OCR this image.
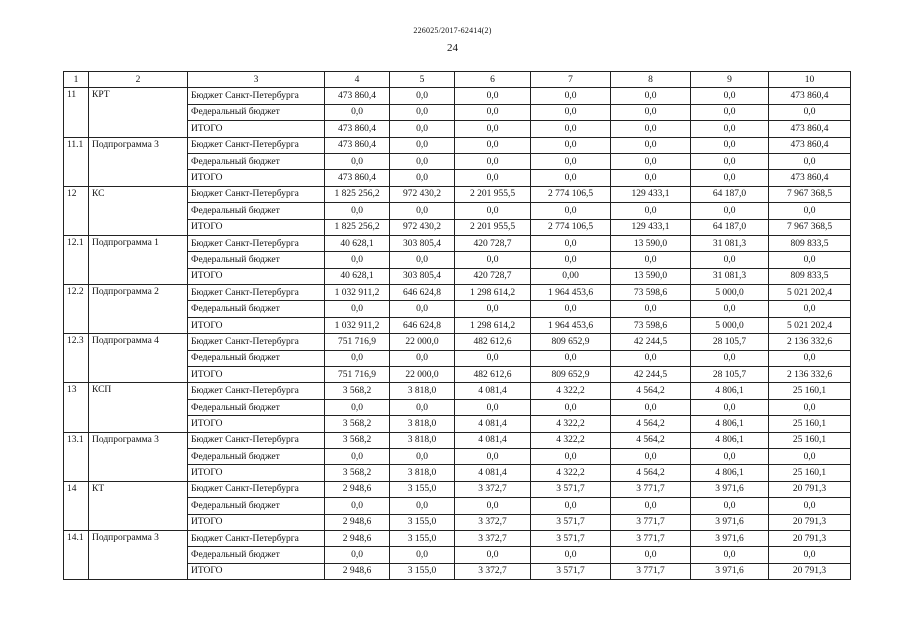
226025/2017-62414(2)
24
1	2	3	4	5	6	7	8	9	10
11	КРТ	Бюджет Санкт-Петербурга	473 860,4	0,0	0,0	0,0	0,0	0,0	473 860,4
		Федеральный бюджет	0,0	0,0	0,0	0,0	0,0	0,0	0,0
		ИТОГО	473 860,4	0,0	0,0	0,0	0,0	0,0	473 860,4
11.1	Подпрограмма 3	Бюджет Санкт-Петербурга	473 860,4	0,0	0,0	0,0	0,0	0,0	473 860,4
		Федеральный бюджет	0,0	0,0	0,0	0,0	0,0	0,0	0,0
		ИТОГО	473 860,4	0,0	0,0	0,0	0,0	0,0	473 860,4
12	КС	Бюджет Санкт-Петербурга	1 825 256,2	972 430,2	2 201 955,5	2 774 106,5	129 433,1	64 187,0	7 967 368,5
		Федеральный бюджет	0,0	0,0	0,0	0,0	0,0	0,0	0,0
		ИТОГО	1 825 256,2	972 430,2	2 201 955,5	2 774 106,5	129 433,1	64 187,0	7 967 368,5
12.1	Подпрограмма 1	Бюджет Санкт-Петербурга	40 628,1	303 805,4	420 728,7	0,0	13 590,0	31 081,3	809 833,5
		Федеральный бюджет	0,0	0,0	0,0	0,0	0,0	0,0	0,0
		ИТОГО	40 628,1	303 805,4	420 728,7	0,00	13 590,0	31 081,3	809 833,5
12.2	Подпрограмма 2	Бюджет Санкт-Петербурга	1 032 911,2	646 624,8	1 298 614,2	1 964 453,6	73 598,6	5 000,0	5 021 202,4
		Федеральный бюджет	0,0	0,0	0,0	0,0	0,0	0,0	0,0
		ИТОГО	1 032 911,2	646 624,8	1 298 614,2	1 964 453,6	73 598,6	5 000,0	5 021 202,4
12.3	Подпрограмма 4	Бюджет Санкт-Петербурга	751 716,9	22 000,0	482 612,6	809 652,9	42 244,5	28 105,7	2 136 332,6
		Федеральный бюджет	0,0	0,0	0,0	0,0	0,0	0,0	0,0
		ИТОГО	751 716,9	22 000,0	482 612,6	809 652,9	42 244,5	28 105,7	2 136 332,6
13	КСП	Бюджет Санкт-Петербурга	3 568,2	3 818,0	4 081,4	4 322,2	4 564,2	4 806,1	25 160,1
		Федеральный бюджет	0,0	0,0	0,0	0,0	0,0	0,0	0,0
		ИТОГО	3 568,2	3 818,0	4 081,4	4 322,2	4 564,2	4 806,1	25 160,1
13.1	Подпрограмма 3	Бюджет Санкт-Петербурга	3 568,2	3 818,0	4 081,4	4 322,2	4 564,2	4 806,1	25 160,1
		Федеральный бюджет	0,0	0,0	0,0	0,0	0,0	0,0	0,0
		ИТОГО	3 568,2	3 818,0	4 081,4	4 322,2	4 564,2	4 806,1	25 160,1
14	КТ	Бюджет Санкт-Петербурга	2 948,6	3 155,0	3 372,7	3 571,7	3 771,7	3 971,6	20 791,3
		Федеральный бюджет	0,0	0,0	0,0	0,0	0,0	0,0	0,0
		ИТОГО	2 948,6	3 155,0	3 372,7	3 571,7	3 771,7	3 971,6	20 791,3
14.1	Подпрограмма 3	Бюджет Санкт-Петербурга	2 948,6	3 155,0	3 372,7	3 571,7	3 771,7	3 971,6	20 791,3
		Федеральный бюджет	0,0	0,0	0,0	0,0	0,0	0,0	0,0
		ИТОГО	2 948,6	3 155,0	3 372,7	3 571,7	3 771,7	3 971,6	20 791,3
